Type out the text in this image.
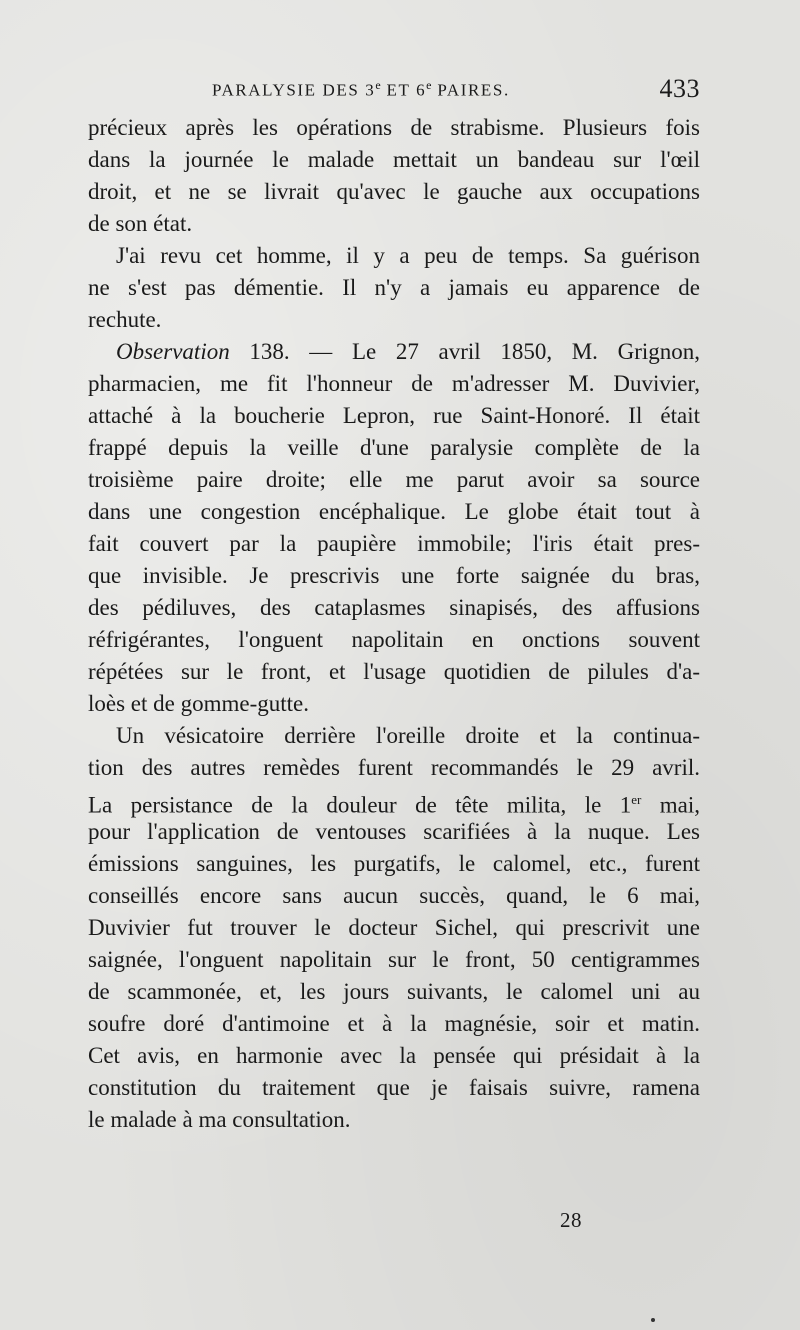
PARALYSIE DES 3e ET 6e PAIRES.	433
précieux après les opérations de strabisme. Plusieurs fois
dans la journée le malade mettait un bandeau sur l'œil
droit, et ne se livrait qu'avec le gauche aux occupations
de son état.
J'ai revu cet homme, il y a peu de temps. Sa guérison
ne s'est pas démentie. Il n'y a jamais eu apparence de
rechute.
Observation 138. — Le 27 avril 1850, M. Grignon,
pharmacien, me fit l'honneur de m'adresser M. Duvivier,
attaché à la boucherie Lepron, rue Saint-Honoré. Il était
frappé depuis la veille d'une paralysie complète de la
troisième paire droite; elle me parut avoir sa source
dans une congestion encéphalique. Le globe était tout à
fait couvert par la paupière immobile; l'iris était pres-
que invisible. Je prescrivis une forte saignée du bras,
des pédiluves, des cataplasmes sinapisés, des affusions
réfrigérantes, l'onguent napolitain en onctions souvent
répétées sur le front, et l'usage quotidien de pilules d'a-
loès et de gomme-gutte.
Un vésicatoire derrière l'oreille droite et la continua-
tion des autres remèdes furent recommandés le 29 avril.
La persistance de la douleur de tête milita, le 1er mai,
pour l'application de ventouses scarifiées à la nuque. Les
émissions sanguines, les purgatifs, le calomel, etc., furent
conseillés encore sans aucun succès, quand, le 6 mai,
Duvivier fut trouver le docteur Sichel, qui prescrivit une
saignée, l'onguent napolitain sur le front, 50 centigrammes
de scammonée, et, les jours suivants, le calomel uni au
soufre doré d'antimoine et à la magnésie, soir et matin.
Cet avis, en harmonie avec la pensée qui présidait à la
constitution du traitement que je faisais suivre, ramena
le malade à ma consultation.
28
